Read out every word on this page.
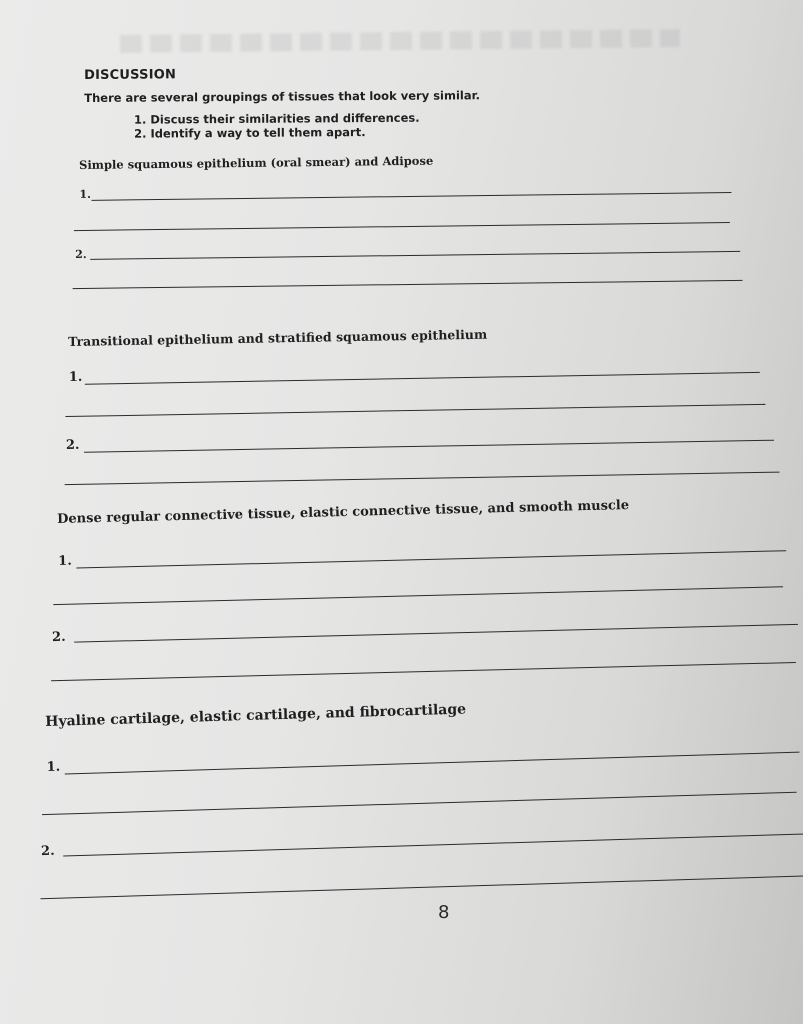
DISCUSSION
There are several groupings of tissues that look very similar.
1. Discuss their similarities and differences.
2. Identify a way to tell them apart.
Simple squamous epithelium (oral smear) and Adipose
1.
2.
Transitional epithelium and stratified squamous epithelium
1.
2.
Dense regular connective tissue, elastic connective tissue, and smooth muscle
1.
2.
Hyaline cartilage, elastic cartilage, and fibrocartilage
1.
2.
8
